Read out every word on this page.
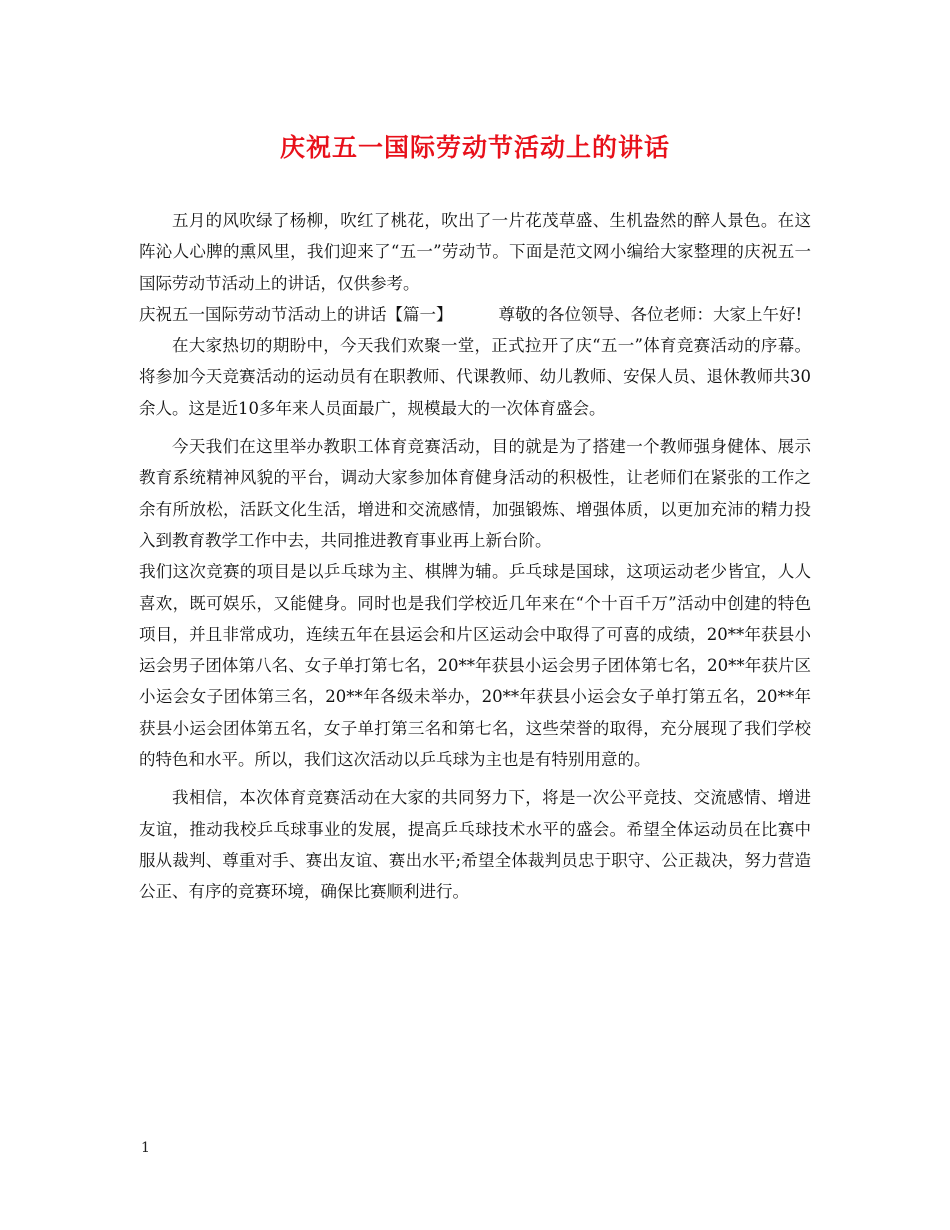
庆祝五一国际劳动节活动上的讲话

五月的风吹绿了杨柳，吹红了桃花，吹出了一片花茂草盛、生机盎然的醉人景色。在这阵沁人心脾的熏风里，我们迎来了“五一”劳动节。下面是范文网小编给大家整理的庆祝五一国际劳动节活动上的讲话，仅供参考。

庆祝五一国际劳动节活动上的讲话【篇一】	尊敬的各位领导、各位老师：大家上午好!

在大家热切的期盼中，今天我们欢聚一堂，正式拉开了庆“五一”体育竞赛活动的序幕。将参加今天竞赛活动的运动员有在职教师、代课教师、幼儿教师、安保人员、退休教师共30余人。这是近10多年来人员面最广，规模最大的一次体育盛会。

今天我们在这里举办教职工体育竞赛活动，目的就是为了搭建一个教师强身健体、展示教育系统精神风貌的平台，调动大家参加体育健身活动的积极性，让老师们在紧张的工作之余有所放松，活跃文化生活，增进和交流感情，加强锻炼、增强体质，以更加充沛的精力投入到教育教学工作中去，共同推进教育事业再上新台阶。

我们这次竞赛的项目是以乒乓球为主、棋牌为辅。乒乓球是国球，这项运动老少皆宜，人人喜欢，既可娱乐，又能健身。同时也是我们学校近几年来在“个十百千万”活动中创建的特色项目，并且非常成功，连续五年在县运会和片区运动会中取得了可喜的成绩，20**年获县小运会男子团体第八名、女子单打第七名，20**年获县小运会男子团体第七名，20**年获片区小运会女子团体第三名，20**年各级未举办，20**年获县小运会女子单打第五名，20**年获县小运会团体第五名，女子单打第三名和第七名，这些荣誉的取得，充分展现了我们学校的特色和水平。所以，我们这次活动以乒乓球为主也是有特别用意的。

我相信，本次体育竞赛活动在大家的共同努力下，将是一次公平竞技、交流感情、增进友谊，推动我校乒乓球事业的发展，提高乒乓球技术水平的盛会。希望全体运动员在比赛中服从裁判、尊重对手、赛出友谊、赛出水平;希望全体裁判员忠于职守、公正裁决，努力营造公正、有序的竞赛环境，确保比赛顺利进行。

1
